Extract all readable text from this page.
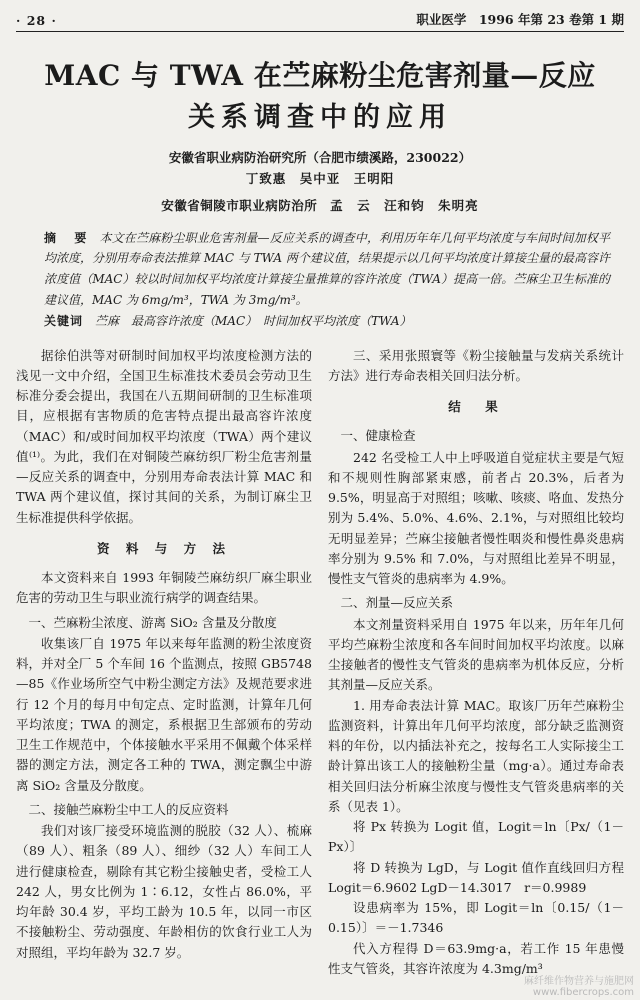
· 28 ·	职业医学　1996 年第 23 卷第 1 期
MAC 与 TWA 在苎麻粉尘危害剂量—反应
关系调查中的应用
安徽省职业病防治研究所（合肥市绩溪路，230022）
丁致惠　吴中亚　王明阳
安徽省铜陵市职业病防治所 孟　云　汪和钧　朱明亮
摘　要 本文在苎麻粉尘职业危害剂量—反应关系的调查中，利用历年年几何平均浓度与车间时间加权平均浓度，分别用寿命表法推算 MAC 与 TWA 两个建议值，结果提示以几何平均浓度计算接尘量的最高容许浓度值（MAC）较以时间加权平均浓度计算接尘量推算的容许浓度（TWA）提高一倍。苎麻尘卫生标准的建议值，MAC 为 6mg/m³，TWA 为 3mg/m³。
关键词 苎麻　最高容许浓度（MAC）　时间加权平均浓度（TWA）

据徐伯洪等对研制时间加权平均浓度检测方法的浅见一文中介绍，全国卫生标准技术委员会劳动卫生标准分委会提出，我国在八五期间研制的卫生标准项目，应根据有害物质的危害特点提出最高容许浓度（MAC）和/或时间加权平均浓度（TWA）两个建议值⁽¹⁾。为此，我们在对铜陵苎麻纺织厂粉尘危害剂量—反应关系的调查中，分别用寿命表法计算 MAC 和 TWA 两个建议值，探讨其间的关系，为制订麻尘卫生标准提供科学依据。

资 料 与 方 法

本文资料来自 1993 年铜陵苎麻纺织厂麻尘职业危害的劳动卫生与职业流行病学的调查结果。

一、苎麻粉尘浓度、游离 SiO₂ 含量及分散度

收集该厂自 1975 年以来每年监测的粉尘浓度资料，并对全厂 5 个车间 16 个监测点，按照 GB5748—85《作业场所空气中粉尘测定方法》及规范要求进行 12 个月的每月中旬定点、定时监测，计算年几何平均浓度；TWA 的测定，系根据卫生部颁布的劳动卫生工作规范中，个体接触水平采用不佩戴个体采样器的测定方法，测定各工种的 TWA，测定飘尘中游离 SiO₂ 含量及分散度。

二、接触苎麻粉尘中工人的反应资料

我们对该厂接受环境监测的脱胶（32 人）、梳麻（89 人）、粗条（89 人）、细纱（32 人）车间工人进行健康检查，剔除有其它粉尘接触史者，受检工人 242 人，男女比例为 1∶6.12，女性占 86.0%，平均年龄 30.4 岁，平均工龄为 10.5 年，以同一市区不接触粉尘、劳动强度、年龄相仿的饮食行业工人为对照组，平均年龄为 32.7 岁。

三、采用张照寰等《粉尘接触量与发病关系统计方法》进行寿命表相关回归法分析。

结　果

一、健康检查

242 名受检工人中上呼吸道自觉症状主要是气短和不规则性胸部紧束感，前者占 20.3%，后者为 9.5%，明显高于对照组；咳嗽、咳痰、咯血、发热分别为 5.4%、5.0%、4.6%、2.1%，与对照组比较均无明显差异；苎麻尘接触者慢性咽炎和慢性鼻炎患病率分别为 9.5% 和 7.0%，与对照组比差异不明显，慢性支气管炎的患病率为 4.9%。

二、剂量—反应关系

本文剂量资料采用自 1975 年以来，历年年几何平均苎麻粉尘浓度和各车间时间加权平均浓度。以麻尘接触者的慢性支气管炎的患病率为机体反应，分析其剂量—反应关系。

1. 用寿命表法计算 MAC。取该厂历年苎麻粉尘监测资料，计算出年几何平均浓度，部分缺乏监测资料的年份，以内插法补充之，按每名工人实际接尘工龄计算出该工人的接触粉尘量（mg·a）。通过寿命表相关回归法分析麻尘浓度与慢性支气管炎患病率的关系（见表 1）。

将 Px 转换为 Logit 值，Logit＝ln〔Px/（1－Px）〕

将 D 转换为 LgD，与 Logit 值作直线回归方程 Logit＝6.9602 LgD－14.3017　r＝0.9989

设患病率为 15%，即 Logit＝ln〔0.15/（1－0.15）〕＝－1.7346

代入方程得 D＝63.9mg·a，若工作 15 年患慢性支气管炎，其容许浓度为 4.3mg/m³

麻纤维作物营养与施肥网
www.fibercrops.com
